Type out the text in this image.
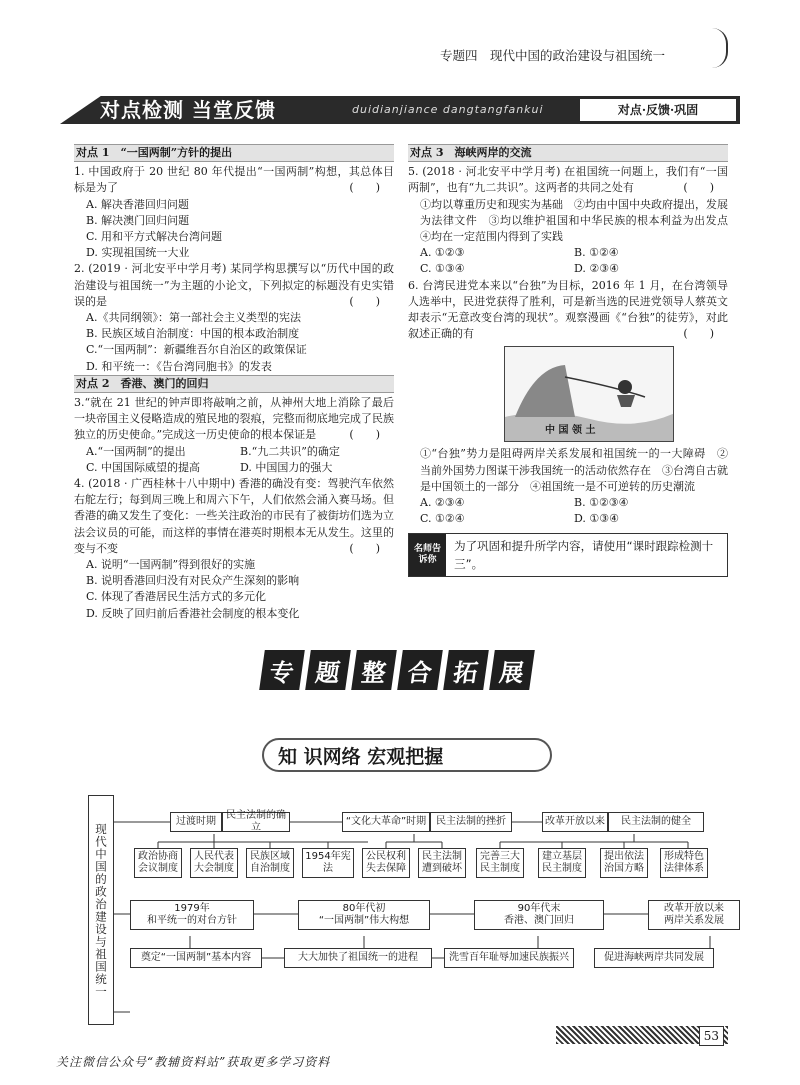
专题四　现代中国的政治建设与祖国统一
对点检测 当堂反馈	duidianjiance dangtangfankui	对点·反馈·巩固
对点 1　“一国两制”方针的提出
1. 中国政府于 20 世纪 80 年代提出“一国两制”构想，其总体目标是为了	(　　)
A. 解决香港回归问题
B. 解决澳门回归问题
C. 用和平方式解决台湾问题
D. 实现祖国统一大业
2. (2019 · 河北安平中学月考) 某同学构思撰写以“历代中国的政治建设与祖国统一”为主题的小论文，下列拟定的标题没有史实错误的是	(　　)
A.《共同纲领》：第一部社会主义类型的宪法
B. 民族区域自治制度：中国的根本政治制度
C.“一国两制”：新疆维吾尔自治区的政策保证
D. 和平统一：《告台湾同胞书》的发表
对点 2　香港、澳门的回归
3.“就在 21 世纪的钟声即将敲响之前，从神州大地上消除了最后一块帝国主义侵略造成的殖民地的裂痕，完整而彻底地完成了民族独立的历史使命。”完成这一历史使命的根本保证是	(　　)
A.“一国两制”的提出	B.“九二共识”的确定
C. 中国国际威望的提高	D. 中国国力的强大
4. (2018 · 广西桂林十八中期中) 香港的确没有变：驾驶汽车依然右舵左行；每到周三晚上和周六下午，人们依然会涌入赛马场。但香港的确又发生了变化：一些关注政治的市民有了被街坊们选为立法会议员的可能，而这样的事情在港英时期根本无从发生。这里的变与不变	(　　)
A. 说明“一国两制”得到很好的实施
B. 说明香港回归没有对民众产生深刻的影响
C. 体现了香港居民生活方式的多元化
D. 反映了回归前后香港社会制度的根本变化
对点 3　海峡两岸的交流
5. (2018 · 河北安平中学月考) 在祖国统一问题上，我们有“一国两制”，也有“九二共识”。这两者的共同之处有	(　　)
①均以尊重历史和现实为基础　②均由中国中央政府提出，发展为法律文件　③均以维护祖国和中华民族的根本利益为出发点　④均在一定范围内得到了实践
A. ①②③	B. ①②④
C. ①③④	D. ②③④
6. 台湾民进党本来以“台独”为目标，2016 年 1 月，在台湾领导人选举中，民进党获得了胜利，可是新当选的民进党领导人蔡英文却表示“无意改变台湾的现状”。观察漫画《“台独”的徒劳》，对此叙述正确的有	(　　)
中 国 领 土
①“台独”势力是阻碍两岸关系发展和祖国统一的一大障碍　②当前外国势力图谋干涉我国统一的活动依然存在　③台湾自古就是中国领土的一部分　④祖国统一是不可逆转的历史潮流
A. ②③④	B. ①②③④
C. ①②④	D. ①③④
名师告诉你
为了巩固和提升所学内容，请使用“课时跟踪检测十三”。
专 题 整 合 拓 展
知 识网络 宏观把握
现代中国的政治建设与祖国统一
过渡时期
民主法制的确立
“文化大革命”时期 民主法制的挫折	改革开放以来	民主法制的健全
政治协商会议制度
人民代表大会制度
民族区域自治制度
1954年宪法
公民权利失去保障
民主法制遭到破坏
完善三大民主制度
建立基层民主制度
提出依法治国方略
形成特色法律体系
1979年
和平统一的对台方针
80年代初
“一国两制”伟大构想
90年代末
香港、澳门回归
改革开放以来
两岸关系发展
奠定“一国两制”基本内容	大大加快了祖国统一的进程	洗雪百年耻辱加速民族振兴	促进海峡两岸共同发展
53
关注微信公众号“教辅资料站”获取更多学习资料
